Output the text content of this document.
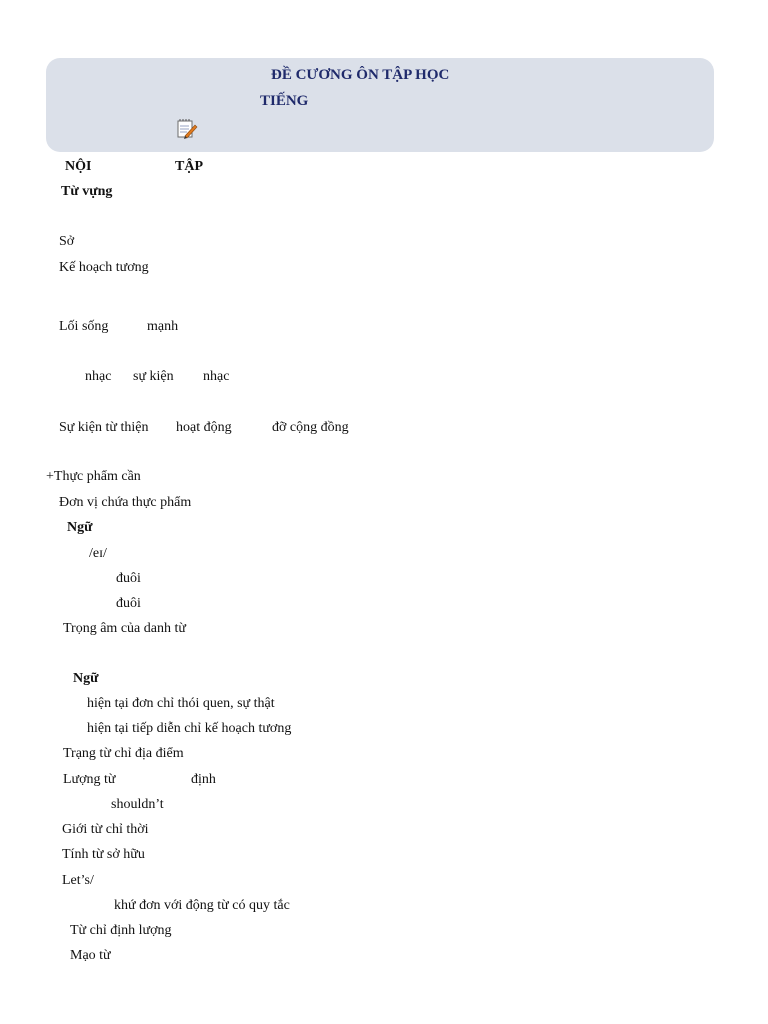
ĐỀ CƯƠNG ÔN TẬP HỌC
TIẾNG
NỘI	TẬP
Từ vựng
Sở
Kế hoạch tương
Lối sống	mạnh
nhạc sự kiện nhạc
Sự kiện từ thiện hoạt động	đỡ cộng đồng
+Thực phẩm cần
Đơn vị chứa thực phẩm
Ngữ
/eɪ/
đuôi
đuôi
Trọng âm của danh từ
Ngữ
hiện tại đơn chỉ thói quen, sự thật
hiện tại tiếp diễn chỉ kế hoạch tương
Trạng từ chỉ địa điểm
Lượng từ	định
shouldn’t
Giới từ chỉ thời
Tính từ sở hữu
Let’s/
khứ đơn với động từ có quy tắc
Từ chỉ định lượng
Mạo từ
